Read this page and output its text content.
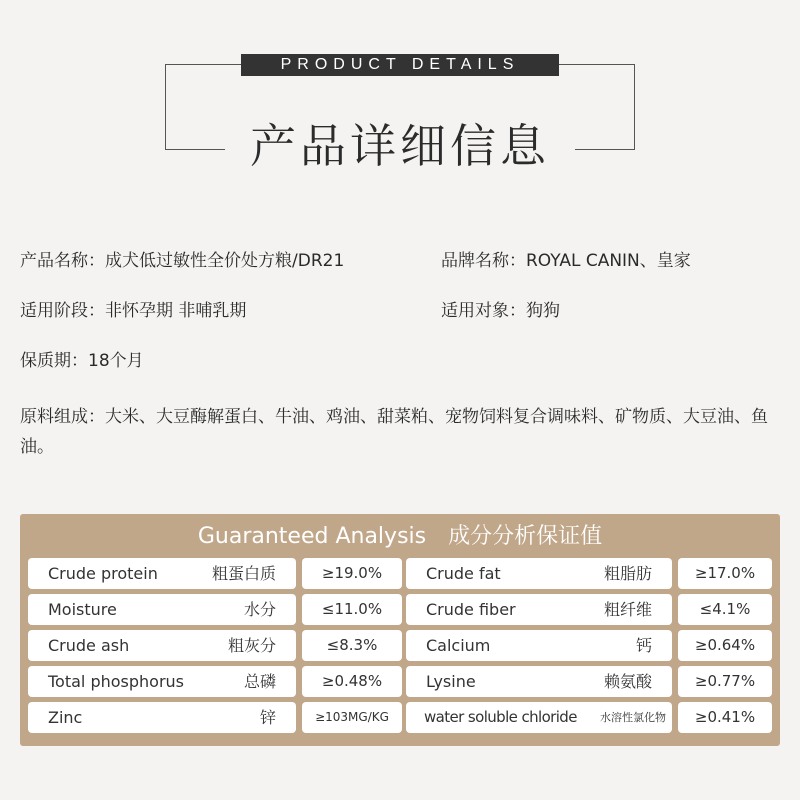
PRODUCT DETAILS
产品详细信息
产品名称：成犬低过敏性全价处方粮/DR21	品牌名称：ROYAL CANIN、皇家
适用阶段：非怀孕期 非哺乳期	适用对象：狗狗
保质期：18个月
原料组成：大米、大豆酶解蛋白、牛油、鸡油、甜菜粕、宠物饲料复合调味料、矿物质、大豆油、鱼油。
Guaranteed Analysis 成分分析保证值
Crude protein	粗蛋白质	≥19.0%	Crude fat	粗脂肪	≥17.0%
Moisture	水分	≤11.0%	Crude fiber	粗纤维	≤4.1%
Crude ash	粗灰分	≤8.3%	Calcium	钙	≥0.64%
Total phosphorus	总磷	≥0.48%	Lysine	赖氨酸	≥0.77%
Zinc	锌	≥103MG/KG	water soluble chloride 水溶性氯化物	≥0.41%
